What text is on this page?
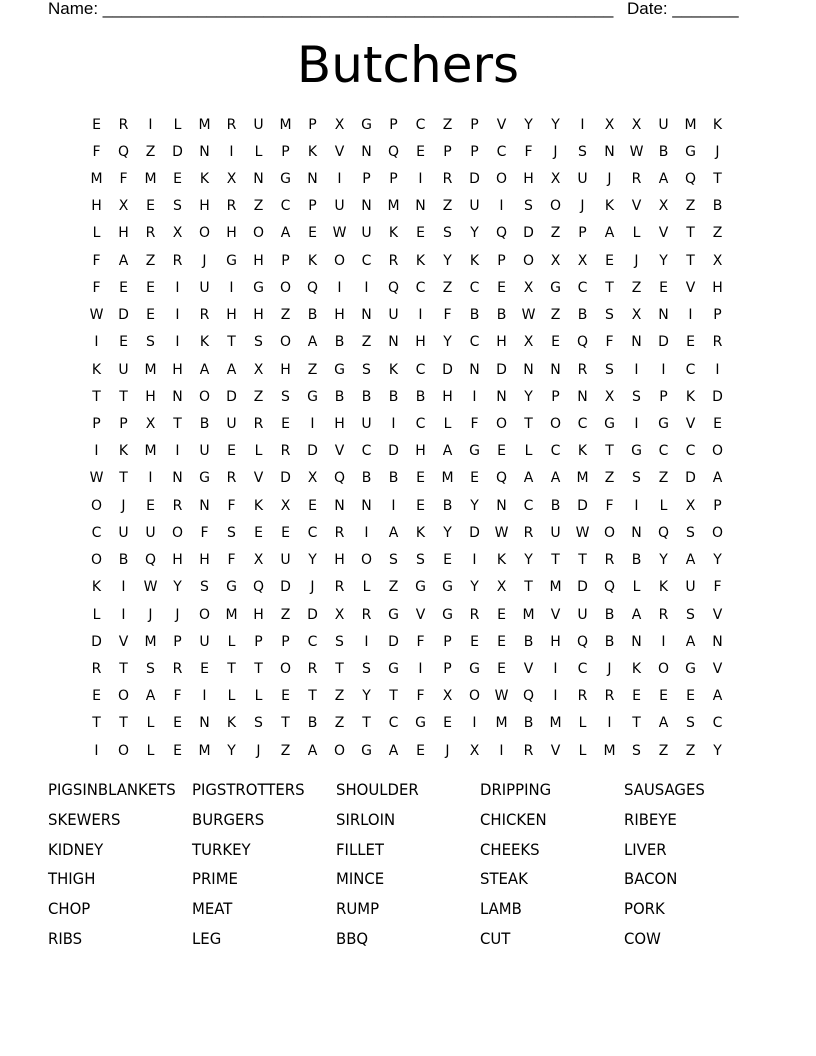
Name: ______________________________________________________ Date: _______
Butchers
E	R	I	L	M	R	U	M	P	X	G	P	C	Z	P	V	Y	Y	I	X	X	U	M	K
F	Q	Z	D	N	I	L	P	K	V	N	Q	E	P	P	C	F	J	S	N	W	B	G	J
M	F	M	E	K	X	N	G	N	I	P	P	I	R	D	O	H	X	U	J	R	A	Q	T
H	X	E	S	H	R	Z	C	P	U	N	M	N	Z	U	I	S	O	J	K	V	X	Z	B
L	H	R	X	O	H	O	A	E	W	U	K	E	S	Y	Q	D	Z	P	A	L	V	T	Z
F	A	Z	R	J	G	H	P	K	O	C	R	K	Y	K	P	O	X	X	E	J	Y	T	X
F	E	E	I	U	I	G	O	Q	I	I	Q	C	Z	C	E	X	G	C	T	Z	E	V	H
W	D	E	I	R	H	H	Z	B	H	N	U	I	F	B	B	W	Z	B	S	X	N	I	P
I	E	S	I	K	T	S	O	A	B	Z	N	H	Y	C	H	X	E	Q	F	N	D	E	R
K	U	M	H	A	A	X	H	Z	G	S	K	C	D	N	D	N	N	R	S	I	I	C	I
T	T	H	N	O	D	Z	S	G	B	B	B	B	H	I	N	Y	P	N	X	S	P	K	D
P	P	X	T	B	U	R	E	I	H	U	I	C	L	F	O	T	O	C	G	I	G	V	E
I	K	M	I	U	E	L	R	D	V	C	D	H	A	G	E	L	C	K	T	G	C	C	O
W	T	I	N	G	R	V	D	X	Q	B	B	E	M	E	Q	A	A	M	Z	S	Z	D	A
O	J	E	R	N	F	K	X	E	N	N	I	E	B	Y	N	C	B	D	F	I	L	X	P
C	U	U	O	F	S	E	E	C	R	I	A	K	Y	D	W	R	U	W	O	N	Q	S	O
O	B	Q	H	H	F	X	U	Y	H	O	S	S	E	I	K	Y	T	T	R	B	Y	A	Y
K	I	W	Y	S	G	Q	D	J	R	L	Z	G	G	Y	X	T	M	D	Q	L	K	U	F
L	I	J	J	O	M	H	Z	D	X	R	G	V	G	R	E	M	V	U	B	A	R	S	V
D	V	M	P	U	L	P	P	C	S	I	D	F	P	E	E	B	H	Q	B	N	I	A	N
R	T	S	R	E	T	T	O	R	T	S	G	I	P	G	E	V	I	C	J	K	O	G	V
E	O	A	F	I	L	L	E	T	Z	Y	T	F	X	O	W	Q	I	R	R	E	E	E	A
T	T	L	E	N	K	S	T	B	Z	T	C	G	E	I	M	B	M	L	I	T	A	S	C
I	O	L	E	M	Y	J	Z	A	O	G	A	E	J	X	I	R	V	L	M	S	Z	Z	Y
PIGSINBLANKETS	PIGSTROTTERS	SHOULDER	DRIPPING	SAUSAGES
SKEWERS	BURGERS	SIRLOIN	CHICKEN	RIBEYE
KIDNEY	TURKEY	FILLET	CHEEKS	LIVER
THIGH	PRIME	MINCE	STEAK	BACON
CHOP	MEAT	RUMP	LAMB	PORK
RIBS	LEG	BBQ	CUT	COW
